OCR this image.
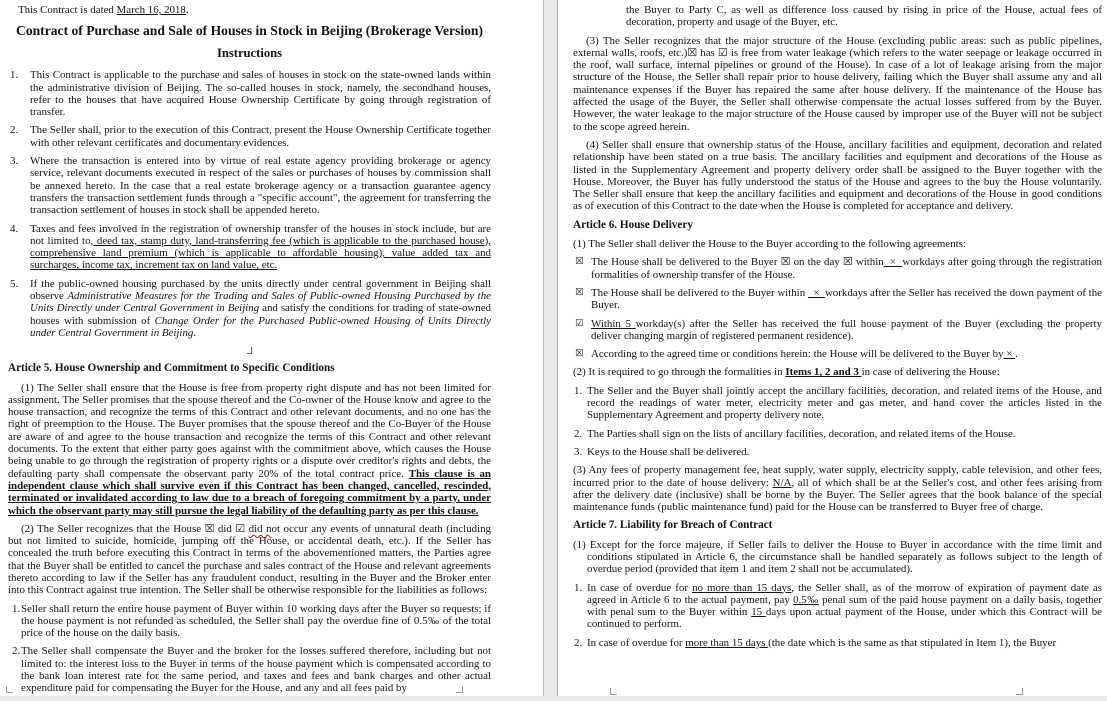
This Contract is dated March 16, 2018.

Contract of Purchase and Sale of Houses in Stock in Beijing (Brokerage Version)
Instructions
1. This Contract is applicable to the purchase and sales of houses in stock on the state-owned lands within the administrative division of Beijing. The so-called houses in stock, namely, the secondhand houses, refer to the houses that have acquired House Ownership Certificate by going through registration of transfer.
2. The Seller shall, prior to the execution of this Contract, present the House Ownership Certificate together with other relevant certificates and documentary evidences.
3. Where the transaction is entered into by virtue of real estate agency providing brokerage or agency service, relevant documents executed in respect of the sales or purchases of houses by commission shall be annexed hereto. In the case that a real estate brokerage agency or a transaction guarantee agency transfers the transaction settlement funds through a "specific account", the agreement for transferring the transaction settlement of houses in stock shall be appended hereto.
4. Taxes and fees involved in the registration of ownership transfer of the houses in stock include, but are not limited to, deed tax, stamp duty, land-transferring fee (which is applicable to the purchased house), comprehensive land premium (which is applicable to affordable housing), value added tax and surcharges, income tax, increment tax on land value, etc.
5. If the public-owned housing purchased by the units directly under central government in Beijing shall observe Administrative Measures for the Trading and Sales of Public-owned Housing Purchased by the Units Directly under Central Government in Beijing and satisfy the conditions for trading of state-owned houses with submission of Change Order for the Purchased Public-owned Housing of Units Directly under Central Government in Beijing.
Article 5. House Ownership and Commitment to Specific Conditions

(1) The Seller shall ensure that the House is free from property right dispute and has not been limited for assignment. The Seller promises that the spouse thereof and the Co-owner of the House know and agree to the house transaction, and recognize the terms of this Contract and other relevant documents, and no one has the right of preemption to the House. The Buyer promises that the spouse thereof and the Co-Buyer of the House are aware of and agree to the house transaction and recognize the terms of this Contract and other relevant documents. To the extent that either party goes against with the commitment above, which causes the House being unable to go through the registration of property rights or a dispute over creditor's rights and debts, the defaulting party shall compensate the observant party 20% of the total contract price. This clause is an independent clause which shall survive even if this Contract has been changed, cancelled, rescinded, terminated or invalidated according to law due to a breach of foregoing commitment by a party, under which the observant party may still pursue the legal liability of the defaulting party as per this clause.

(2) The Seller recognizes that the House ☒ did ☑ did not occur any events of unnatural death (including but not limited to suicide, homicide, jumping off the House, or accidental death, etc.). If the Seller has concealed the truth before executing this Contract in terms of the abovementioned matters, the Parties agree that the Buyer shall be entitled to cancel the purchase and sales contract of the House and relevant agreements thereto according to law if the Seller has any fraudulent conduct, resulting in the Buyer and the Broker enter into this Contract against true intention. The Seller shall be otherwise responsible for the liabilities as follows:

1. Seller shall return the entire house payment of Buyer within 10 working days after the Buyer so requests; if the house payment is not refunded as scheduled, the Seller shall pay the overdue fine of 0.5‰ of the total price of the house on the daily basis.
2. The Seller shall compensate the Buyer and the broker for the losses suffered therefore, including but not limited to: the interest loss to the Buyer in terms of the house payment which is compensated according to the bank loan interest rate for the same period, and taxes and fees and bank charges and other actual expenditure paid for compensating the Buyer for the House, and any and all fees paid by
the Buyer to Party C, as well as difference loss caused by rising in price of the House, actual fees of decoration, property and usage of the Buyer, etc.

(3) The Seller recognizes that the major structure of the House (excluding public areas: such as public pipelines, external walls, roofs, etc.)☒ has ☑ is free from water leakage (which refers to the water seepage or leakage occurred in the roof, wall surface, internal pipelines or ground of the House). In case of a lot of leakage arising from the major structure of the House, the Seller shall repair prior to house delivery, failing which the Buyer shall assume any and all maintenance expenses if the Buyer has repaired the same after house delivery. If the maintenance of the House has affected the usage of the Buyer, the Seller shall otherwise compensate the actual losses suffered from by the Buyer. However, the water leakage to the major structure of the House caused by improper use of the Buyer will not be subject to the scope agreed herein.

(4) Seller shall ensure that ownership status of the House, ancillary facilities and equipment, decoration and related relationship have been stated on a true basis. The ancillary facilities and equipment and decorations of the House as listed in the Supplementary Agreement and property delivery order shall be assigned to the Buyer together with the House. Moreover, the Buyer has fully understood the status of the House and agrees to the buy the House voluntarily. The Seller shall ensure that keep the ancillary facilities and equipment and decorations of the House in good conditions as of execution of this Contract to the date when the House is completed for acceptance and delivery.

Article 6. House Delivery

(1) The Seller shall deliver the House to the Buyer according to the following agreements:

☒ The House shall be delivered to the Buyer ☒ on the day ☒ within  ×  workdays after going through the registration formalities of ownership transfer of the House.
☒ The House shall be delivered to the Buyer within   ×  workdays after the Seller has received the down payment of the Buyer.
☑ Within 5 workday(s) after the Seller has received the full house payment of the Buyer (excluding the property deliver changing margin of registered permanent residence).
☒ According to the agreed time or conditions herein: the House will be delivered to the Buyer by × .

(2) It is required to go through the formalities in Items 1, 2 and 3 in case of delivering the House:

1. The Seller and the Buyer shall jointly accept the ancillary facilities, decoration, and related items of the House, and record the readings of water meter, electricity meter and gas meter, and hand cover the articles listed in the Supplementary Agreement and property delivery note.
2. The Parties shall sign on the lists of ancillary facilities, decoration, and related items of the House.
3. Keys to the House shall be delivered.

(3) Any fees of property management fee, heat supply, water supply, electricity supply, cable television, and other fees, incurred prior to the date of house delivery: N/A, all of which shall be at the Seller's cost, and other fees arising from after the delivery date (inclusive) shall be borne by the Buyer. The Seller agrees that the book balance of the special maintenance funds (public maintenance fund) paid for the House can be transferred to Buyer free of charge.

Article 7. Liability for Breach of Contract
(1) Except for the force majeure, if Seller fails to deliver the House to Buyer in accordance with the time limit and conditions stipulated in Article 6, the circumstance shall be handled separately as follows subject to the length of overdue period (provided that item 1 and item 2 shall not be accumulated).
1. In case of overdue for no more than 15 days, the Seller shall, as of the morrow of expiration of payment date as agreed in Article 6 to the actual payment, pay 0.5‰ penal sum of the paid house payment on a daily basis, together with penal sum to the Buyer within 15 days upon actual payment of the House, under which this Contract will be continued to perform.
2. In case of overdue for more than 15 days (the date which is the same as that stipulated in Item 1), the Buyer
